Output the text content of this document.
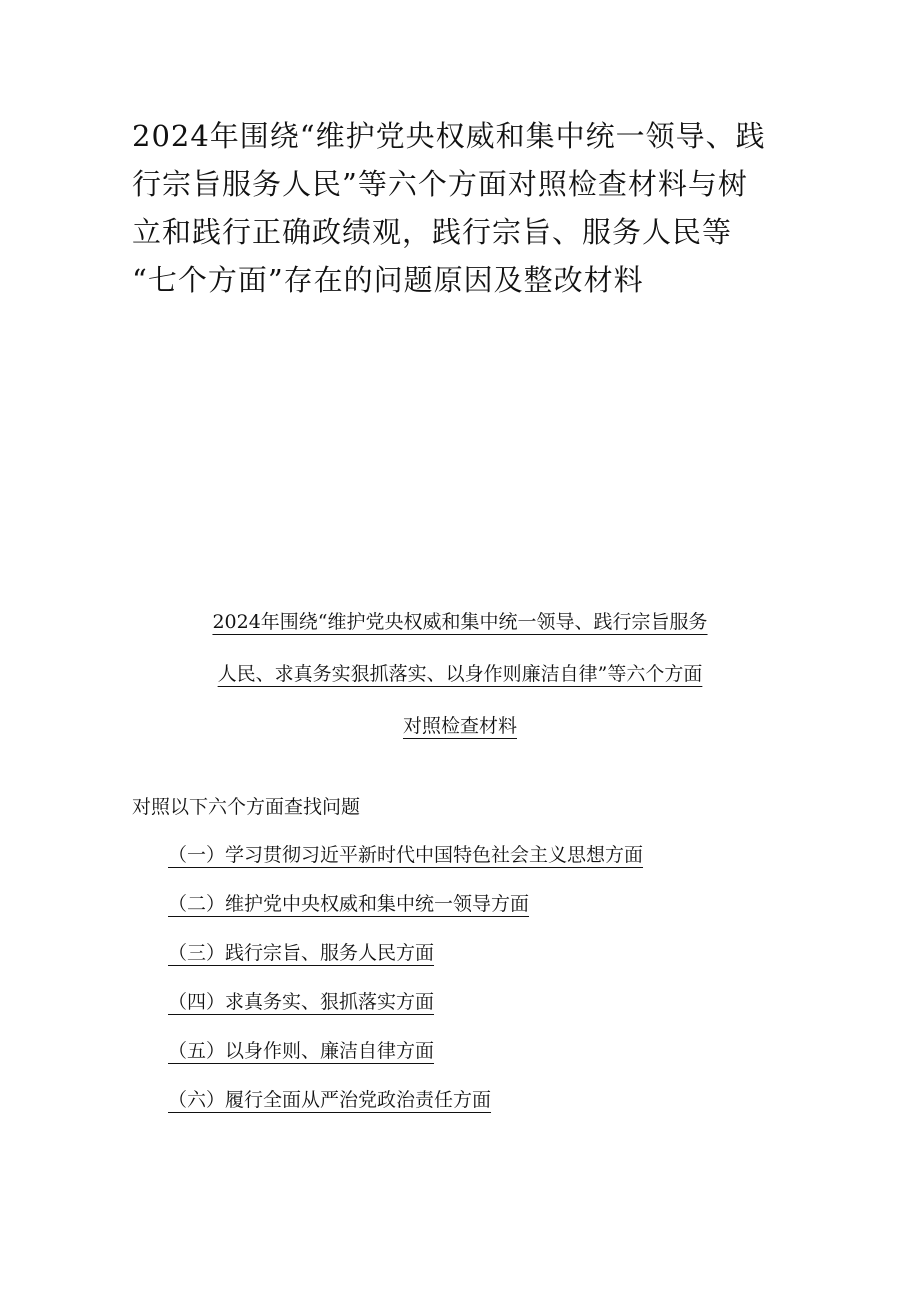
2024年围绕“维护党央权威和集中统一领导、践
行宗旨服务人民”等六个方面对照检查材料与树
立和践行正确政绩观，践行宗旨、服务人民等
“七个方面”存在的问题原因及整改材料
2024年围绕“维护党央权威和集中统一领导、践行宗旨服务
人民、求真务实狠抓落实、以身作则廉洁自律”等六个方面
对照检查材料

对照以下六个方面查找问题

（一）学习贯彻习近平新时代中国特色社会主义思想方面
（二）维护党中央权威和集中统一领导方面
（三）践行宗旨、服务人民方面
（四）求真务实、狠抓落实方面
（五）以身作则、廉洁自律方面
（六）履行全面从严治党政治责任方面
